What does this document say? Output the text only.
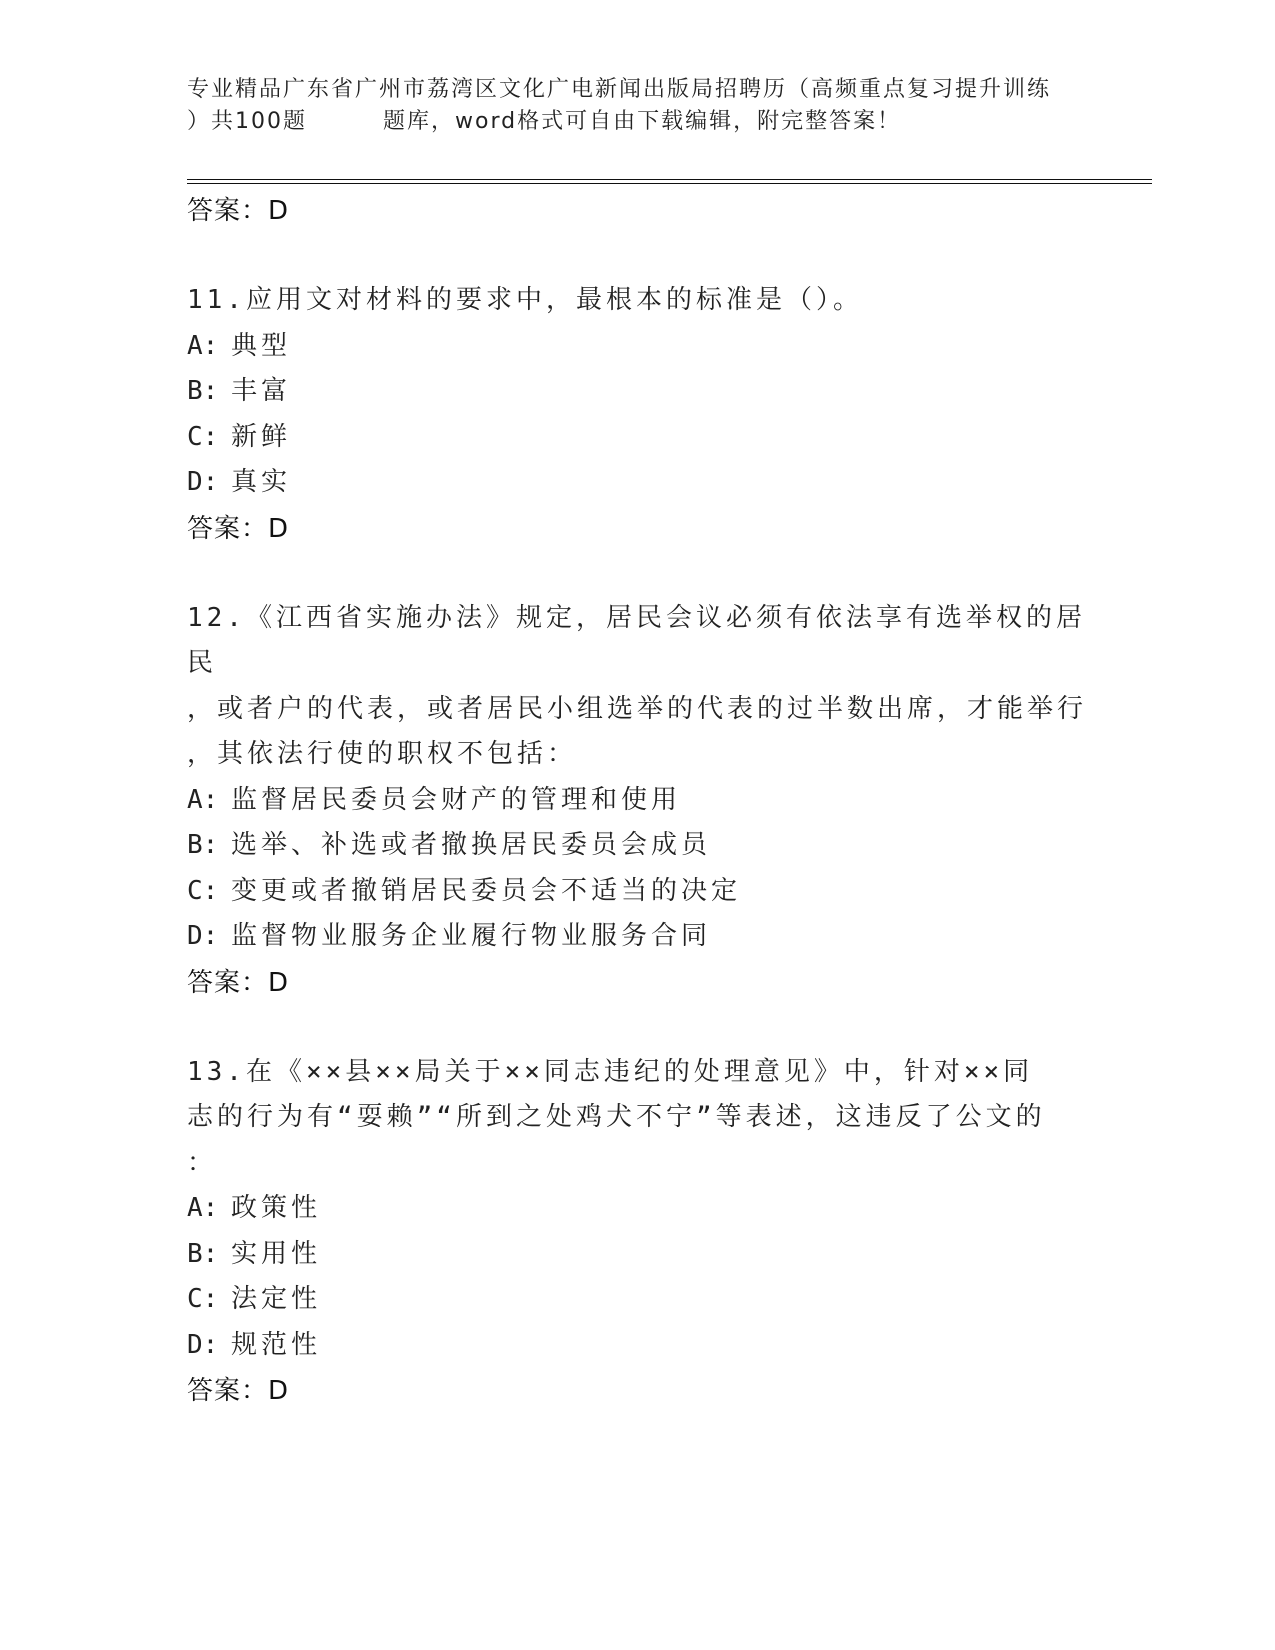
专业精品广东省广州市荔湾区文化广电新闻出版局招聘历（高频重点复习提升训练
）共100题	题库，word格式可自由下载编辑，附完整答案！
答案：D

11.应用文对材料的要求中，最根本的标准是（）。

A: 典型
B: 丰富
C: 新鲜
D: 真实
答案：D

12.《江西省实施办法》规定，居民会议必须有依法享有选举权的居民
，或者户的代表，或者居民小组选举的代表的过半数出席，才能举行
，其依法行使的职权不包括：

A: 监督居民委员会财产的管理和使用
B: 选举、补选或者撤换居民委员会成员
C: 变更或者撤销居民委员会不适当的决定
D: 监督物业服务企业履行物业服务合同
答案：D

13.在《××县××局关于××同志违纪的处理意见》中，针对××同
志的行为有“耍赖”“所到之处鸡犬不宁”等表述，这违反了公文的
：

A: 政策性
B: 实用性
C: 法定性
D: 规范性
答案：D
